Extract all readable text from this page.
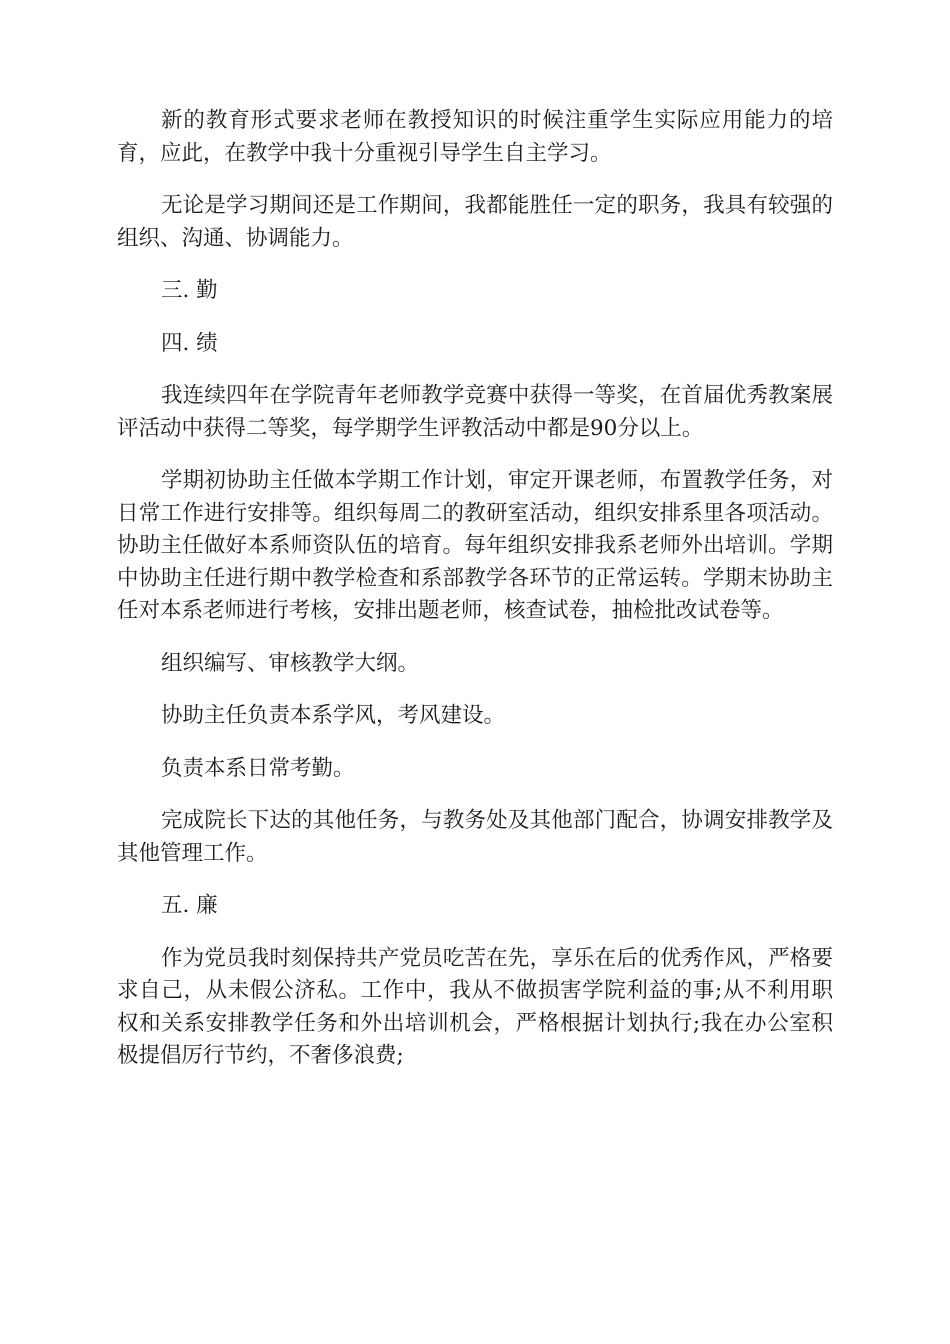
新的教育形式要求老师在教授知识的时候注重学生实际应用能力的培育，应此，在教学中我十分重视引导学生自主学习。

无论是学习期间还是工作期间，我都能胜任一定的职务，我具有较强的组织、沟通、协调能力。

三. 勤

四. 绩

我连续四年在学院青年老师教学竞赛中获得一等奖，在首届优秀教案展评活动中获得二等奖，每学期学生评教活动中都是90分以上。

学期初协助主任做本学期工作计划，审定开课老师，布置教学任务，对日常工作进行安排等。组织每周二的教研室活动，组织安排系里各项活动。协助主任做好本系师资队伍的培育。每年组织安排我系老师外出培训。学期中协助主任进行期中教学检查和系部教学各环节的正常运转。学期末协助主任对本系老师进行考核，安排出题老师，核查试卷，抽检批改试卷等。

组织编写、审核教学大纲。

协助主任负责本系学风，考风建设。

负责本系日常考勤。

完成院长下达的其他任务，与教务处及其他部门配合，协调安排教学及其他管理工作。

五. 廉

作为党员我时刻保持共产党员吃苦在先，享乐在后的优秀作风，严格要求自己，从未假公济私。工作中，我从不做损害学院利益的事;从不利用职权和关系安排教学任务和外出培训机会，严格根据计划执行;我在办公室积极提倡厉行节约，不奢侈浪费;
